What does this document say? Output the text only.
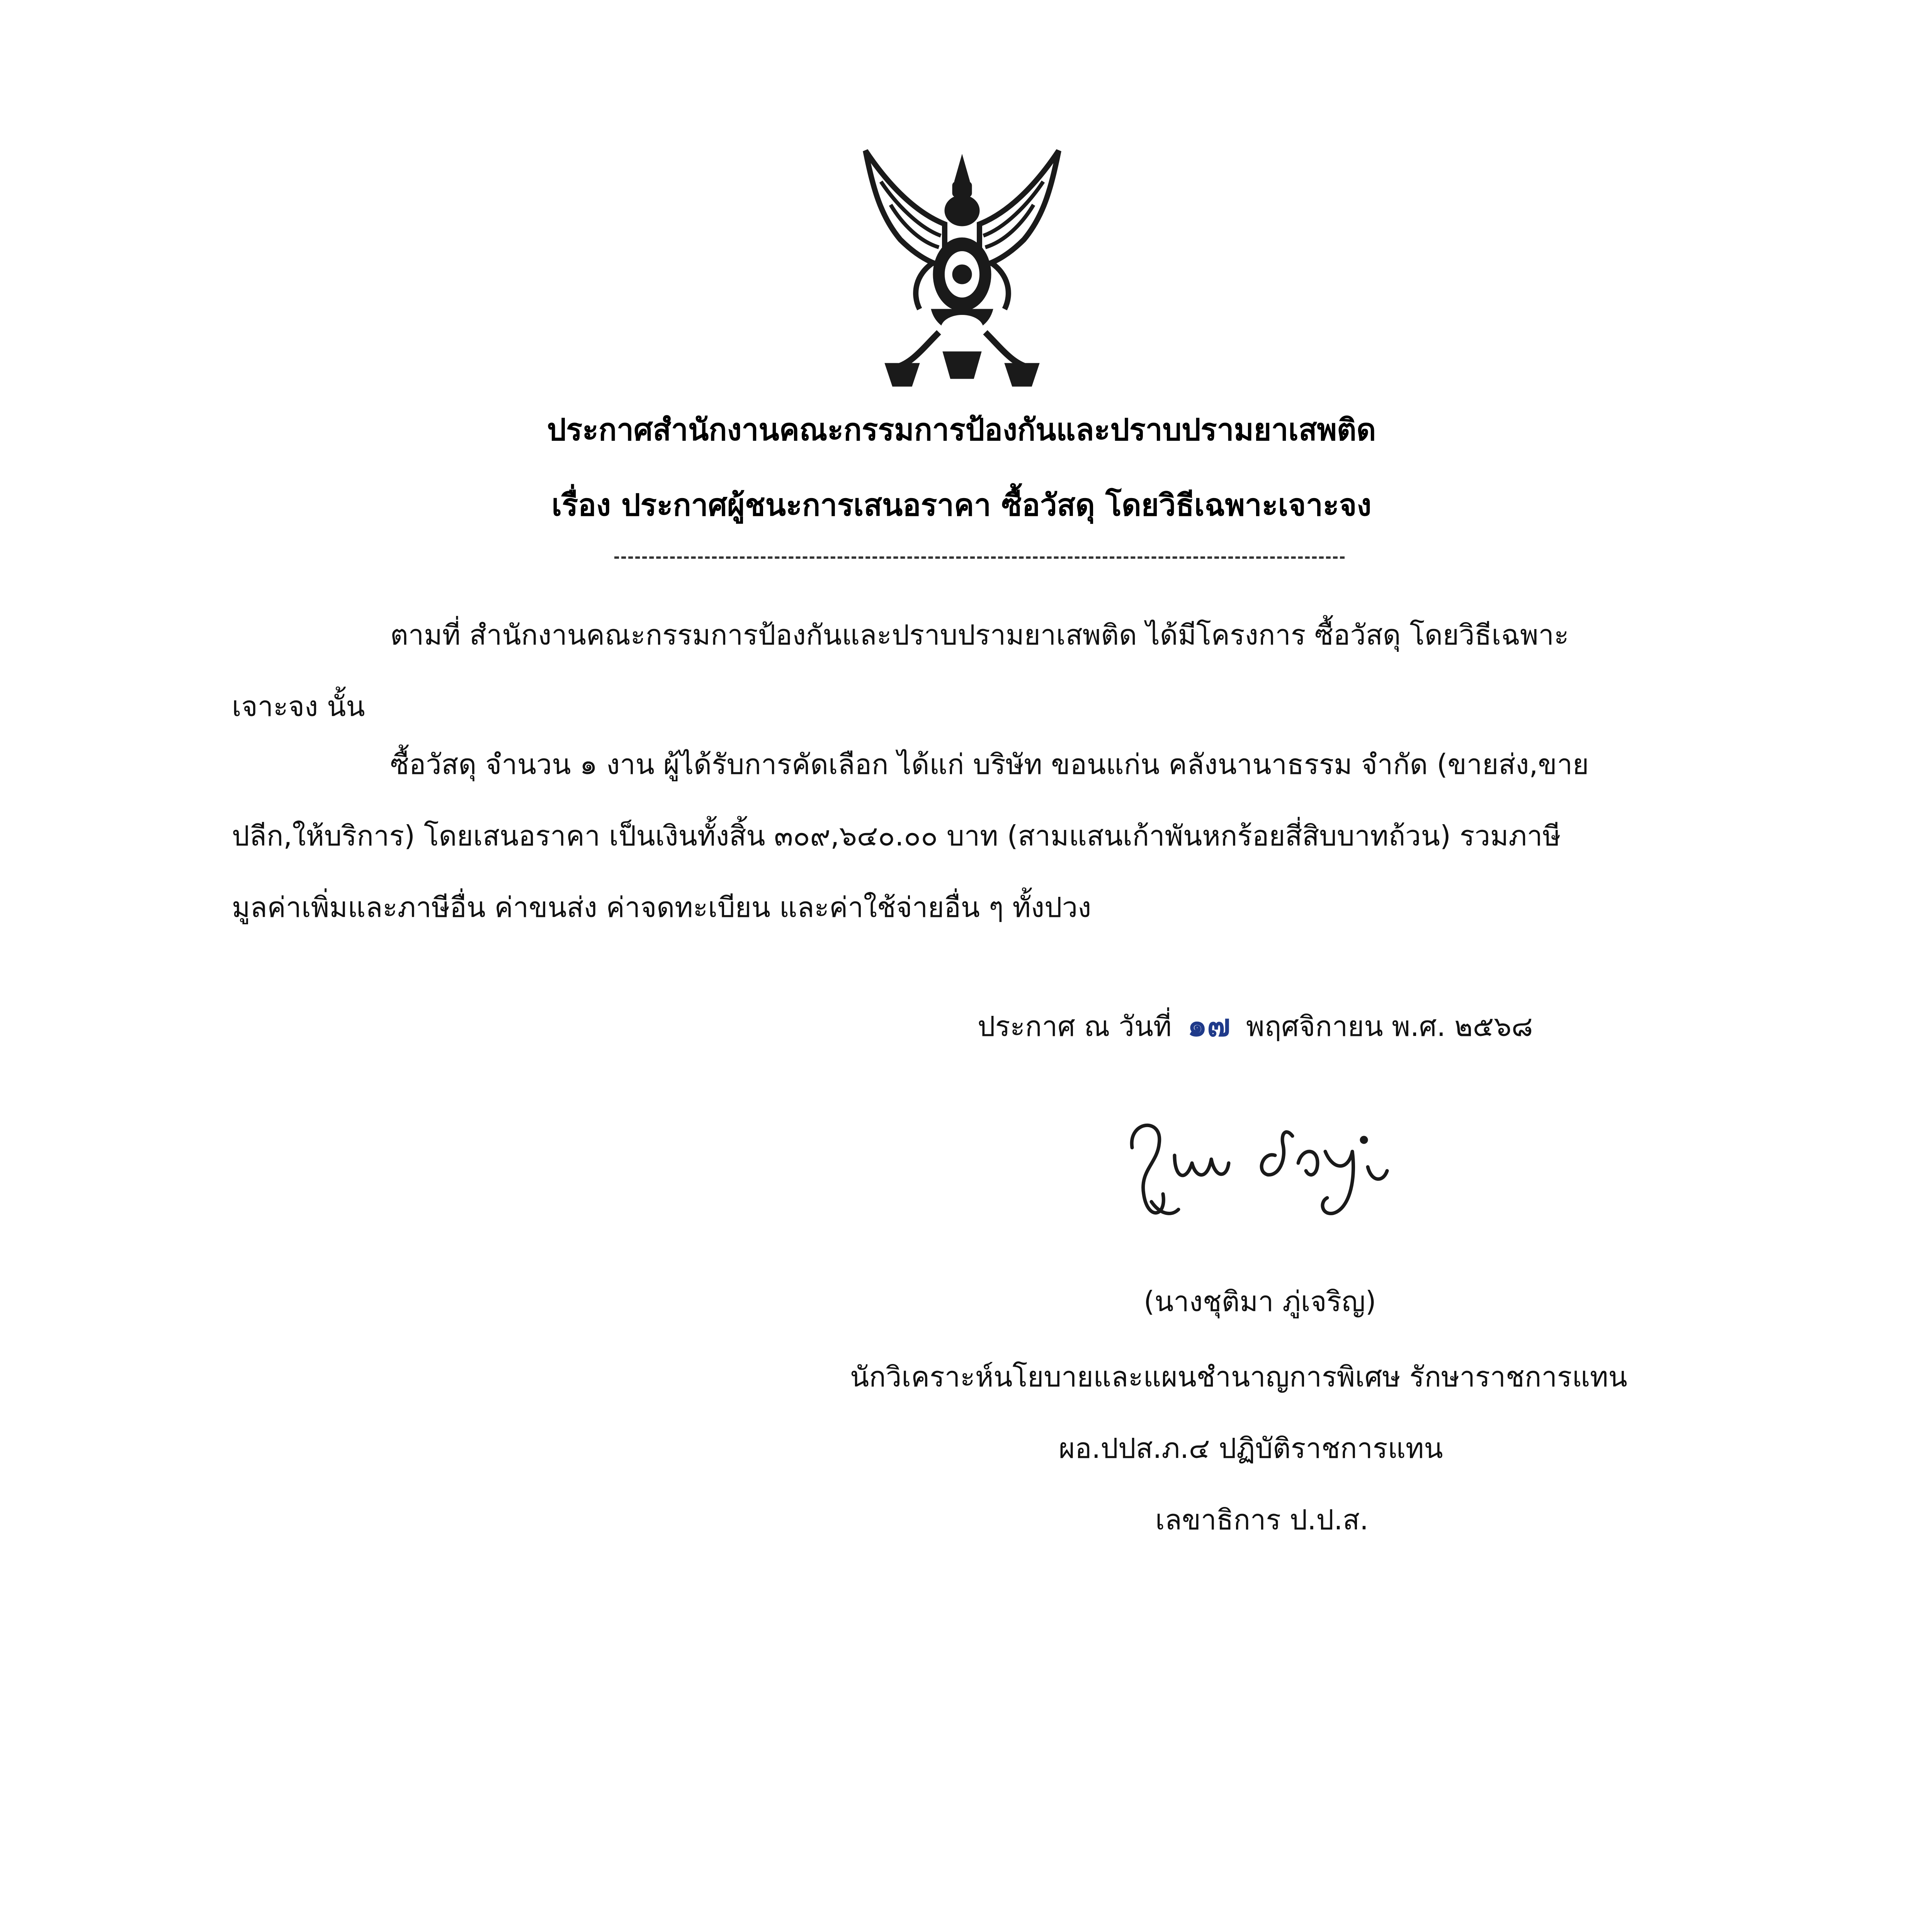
ประกาศสำนักงานคณะกรรมการป้องกันและปราบปรามยาเสพติด
เรื่อง ประกาศผู้ชนะการเสนอราคา ซื้อวัสดุ โดยวิธีเฉพาะเจาะจง
ตามที่ สำนักงานคณะกรรมการป้องกันและปราบปรามยาเสพติด ได้มีโครงการ ซื้อวัสดุ โดยวิธีเฉพาะ
เจาะจง นั้น
ซื้อวัสดุ จำนวน ๑ งาน ผู้ได้รับการคัดเลือก ได้แก่ บริษัท ขอนแก่น คลังนานาธรรม จำกัด (ขายส่ง,ขาย
ปลีก,ให้บริการ) โดยเสนอราคา เป็นเงินทั้งสิ้น ๓๐๙,๖๔๐.๐๐ บาท (สามแสนเก้าพันหกร้อยสี่สิบบาทถ้วน) รวมภาษี
มูลค่าเพิ่มและภาษีอื่น ค่าขนส่ง ค่าจดทะเบียน และค่าใช้จ่ายอื่น ๆ ทั้งปวง
ประกาศ ณ วันที่ ๑๗ พฤศจิกายน พ.ศ. ๒๕๖๘
(นางชุติมา ภู่เจริญ)
นักวิเคราะห์นโยบายและแผนชำนาญการพิเศษ รักษาราชการแทน
ผอ.ปปส.ภ.๔ ปฏิบัติราชการแทน
เลขาธิการ ป.ป.ส.
